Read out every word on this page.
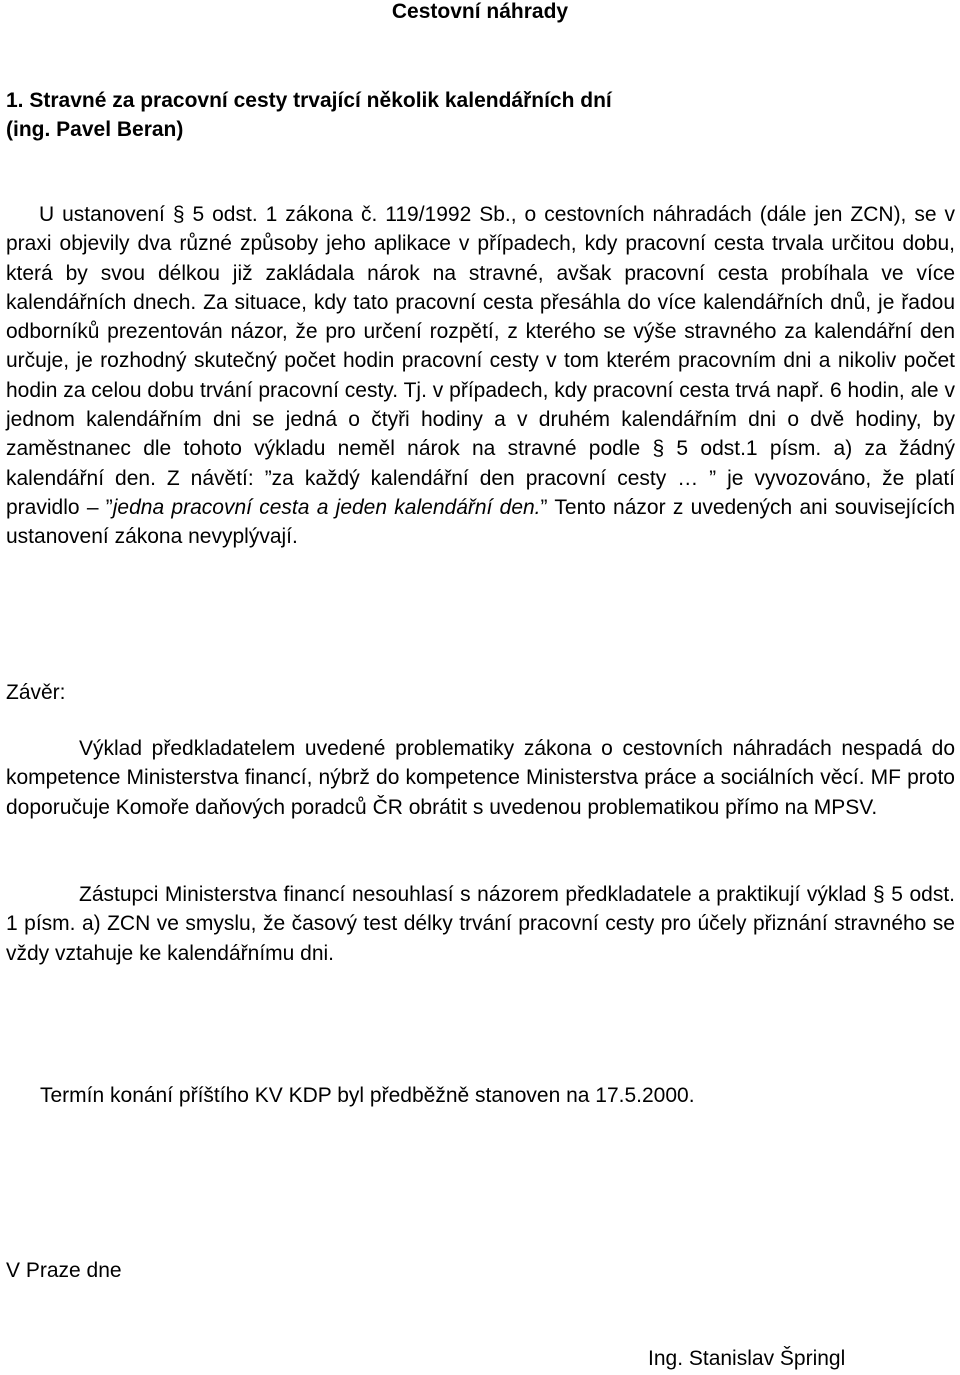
Cestovní náhrady
1. Stravné za pracovní cesty trvající několik kalendářních dní
(ing. Pavel Beran)

U ustanovení § 5 odst. 1 zákona č. 119/1992 Sb., o cestovních náhradách (dále jen ZCN), se v praxi objevily dva různé způsoby jeho aplikace v případech, kdy pracovní cesta trvala určitou dobu, která by svou délkou již zakládala nárok na stravné, avšak pracovní cesta probíhala ve více kalendářních dnech. Za situace, kdy tato pracovní cesta přesáhla do více kalendářních dnů, je řadou odborníků prezentován názor, že pro určení rozpětí, z kterého se výše stravného za kalendářní den určuje, je rozhodný skutečný počet hodin pracovní cesty v tom kterém pracovním dni a nikoliv počet hodin za celou dobu trvání pracovní cesty. Tj. v případech, kdy pracovní cesta trvá např. 6 hodin, ale v jednom kalendářním dni se jedná o čtyři hodiny a v druhém kalendářním dni o dvě hodiny, by zaměstnanec dle tohoto výkladu neměl nárok na stravné podle § 5 odst.1 písm. a) za žádný kalendářní den. Z návětí: ”za každý kalendářní den pracovní cesty … ” je vyvozováno, že platí pravidlo – ”jedna pracovní cesta a jeden kalendářní den.” Tento názor z uvedených ani souvisejících ustanovení zákona nevyplývají.

Závěr:

Výklad předkladatelem uvedené problematiky zákona o cestovních náhradách nespadá do kompetence Ministerstva financí, nýbrž do kompetence Ministerstva práce a sociálních věcí. MF proto doporučuje Komoře daňových poradců ČR obrátit s uvedenou problematikou přímo na MPSV.

Zástupci Ministerstva financí nesouhlasí s názorem předkladatele a praktikují výklad § 5 odst. 1 písm. a) ZCN ve smyslu, že časový test délky trvání pracovní cesty pro účely přiznání stravného se vždy vztahuje ke kalendářnímu dni.

Termín konání příštího KV KDP byl předběžně stanoven na 17.5.2000.

V Praze dne

Ing. Stanislav Špringl
